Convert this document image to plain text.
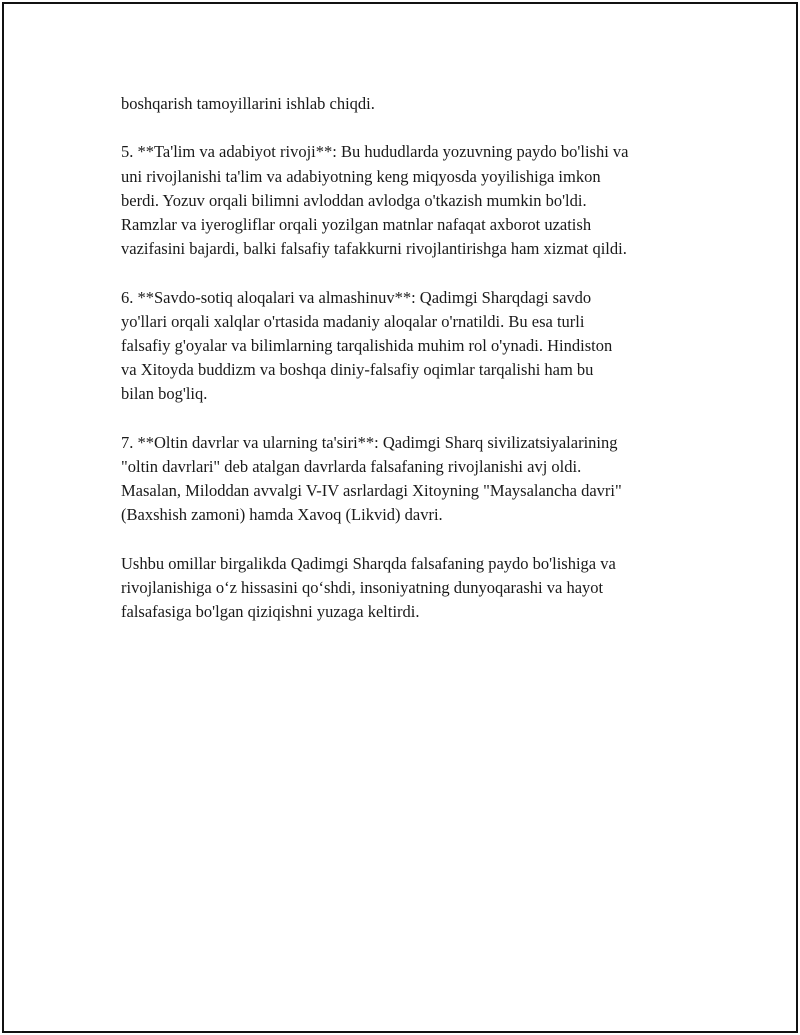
boshqarish tamoyillarini ishlab chiqdi.

5. **Ta'lim va adabiyot rivoji**: Bu hududlarda yozuvning paydo bo'lishi va
uni rivojlanishi ta'lim va adabiyotning keng miqyosda yoyilishiga imkon
berdi. Yozuv orqali bilimni avloddan avlodga o'tkazish mumkin bo'ldi.
Ramzlar va iyerogliflar orqali yozilgan matnlar nafaqat axborot uzatish
vazifasini bajardi, balki falsafiy tafakkurni rivojlantirishga ham xizmat qildi.

6. **Savdo-sotiq aloqalari va almashinuv**: Qadimgi Sharqdagi savdo
yo'llari orqali xalqlar o'rtasida madaniy aloqalar o'rnatildi. Bu esa turli
falsafiy g'oyalar va bilimlarning tarqalishida muhim rol o'ynadi. Hindiston
va Xitoyda buddizm va boshqa diniy-falsafiy oqimlar tarqalishi ham bu
bilan bog'liq.

7. **Oltin davrlar va ularning ta'siri**: Qadimgi Sharq sivilizatsiyalarining
"oltin davrlari" deb atalgan davrlarda falsafaning rivojlanishi avj oldi.
Masalan, Miloddan avvalgi V-IV asrlardagi Xitoyning "Maysalancha davri"
(Baxshish zamoni) hamda Xavoq (Likvid) davri.

Ushbu omillar birgalikda Qadimgi Sharqda falsafaning paydo bo'lishiga va
rivojlanishiga o‘z hissasini qo‘shdi, insoniyatning dunyoqarashi va hayot
falsafasiga bo'lgan qiziqishni yuzaga keltirdi.
